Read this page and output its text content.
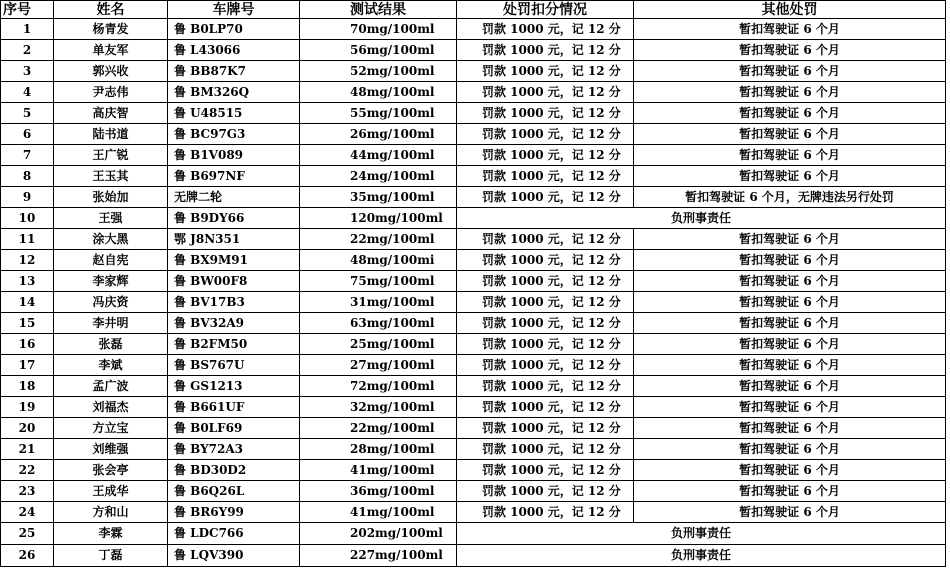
序号	姓名	车牌号	测试结果	处罚扣分情况	其他处罚
1	杨青发	鲁 B0LP70	70mg/100ml	罚款 1000 元，记 12 分	暂扣驾驶证 6 个月

2	单友军	鲁 L43066	56mg/100ml	罚款 1000 元，记 12 分	暂扣驾驶证 6 个月

3	郭兴收	鲁 BB87K7	52mg/100ml	罚款 1000 元，记 12 分	暂扣驾驶证 6 个月

4	尹志伟	鲁 BM326Q	48mg/100ml	罚款 1000 元，记 12 分	暂扣驾驶证 6 个月

5	高庆智	鲁 U48515	55mg/100ml	罚款 1000 元，记 12 分	暂扣驾驶证 6 个月

6	陆书道	鲁 BC97G3	26mg/100ml	罚款 1000 元，记 12 分	暂扣驾驶证 6 个月

7	王广锐	鲁 B1V089	44mg/100ml	罚款 1000 元，记 12 分	暂扣驾驶证 6 个月

8	王玉其	鲁 B697NF	24mg/100ml	罚款 1000 元，记 12 分	暂扣驾驶证 6 个月

9	张始加	无牌二轮	35mg/100ml	罚款 1000 元，记 12 分	暂扣驾驶证 6 个月，无牌违法另行处罚

10	王强	鲁 B9DY66	120mg/100ml	负刑事责任	

11	涂大黑	鄂 J8N351	22mg/100ml	罚款 1000 元，记 12 分	暂扣驾驶证 6 个月

12	赵自宪	鲁 BX9M91	48mg/100mi	罚款 1000 元，记 12 分	暂扣驾驶证 6 个月

13	李家辉	鲁 BW00F8	75mg/100ml	罚款 1000 元，记 12 分	暂扣驾驶证 6 个月

14	冯庆资	鲁 BV17B3	31mg/100ml	罚款 1000 元，记 12 分	暂扣驾驶证 6 个月

15	李井明	鲁 BV32A9	63mg/100ml	罚款 1000 元，记 12 分	暂扣驾驶证 6 个月

16	张磊	鲁 B2FM50	25mg/100ml	罚款 1000 元，记 12 分	暂扣驾驶证 6 个月

17	李斌	鲁 BS767U	27mg/100ml	罚款 1000 元，记 12 分	暂扣驾驶证 6 个月

18	孟广波	鲁 GS1213	72mg/100ml	罚款 1000 元，记 12 分	暂扣驾驶证 6 个月

19	刘福杰	鲁 B661UF	32mg/100ml	罚款 1000 元，记 12 分	暂扣驾驶证 6 个月

20	方立宝	鲁 B0LF69	22mg/100ml	罚款 1000 元，记 12 分	暂扣驾驶证 6 个月

21	刘维强	鲁 BY72A3	28mg/100ml	罚款 1000 元，记 12 分	暂扣驾驶证 6 个月

22	张会亭	鲁 BD30D2	41mg/100ml	罚款 1000 元，记 12 分	暂扣驾驶证 6 个月

23	王成华	鲁 B6Q26L	36mg/100ml	罚款 1000 元，记 12 分	暂扣驾驶证 6 个月

24	方和山	鲁 BR6Y99	41mg/100ml	罚款 1000 元，记 12 分	暂扣驾驶证 6 个月

25	李霖	鲁 LDC766	202mg/100ml	负刑事责任	

26	丁磊	鲁 LQV390	227mg/100ml	负刑事责任	
